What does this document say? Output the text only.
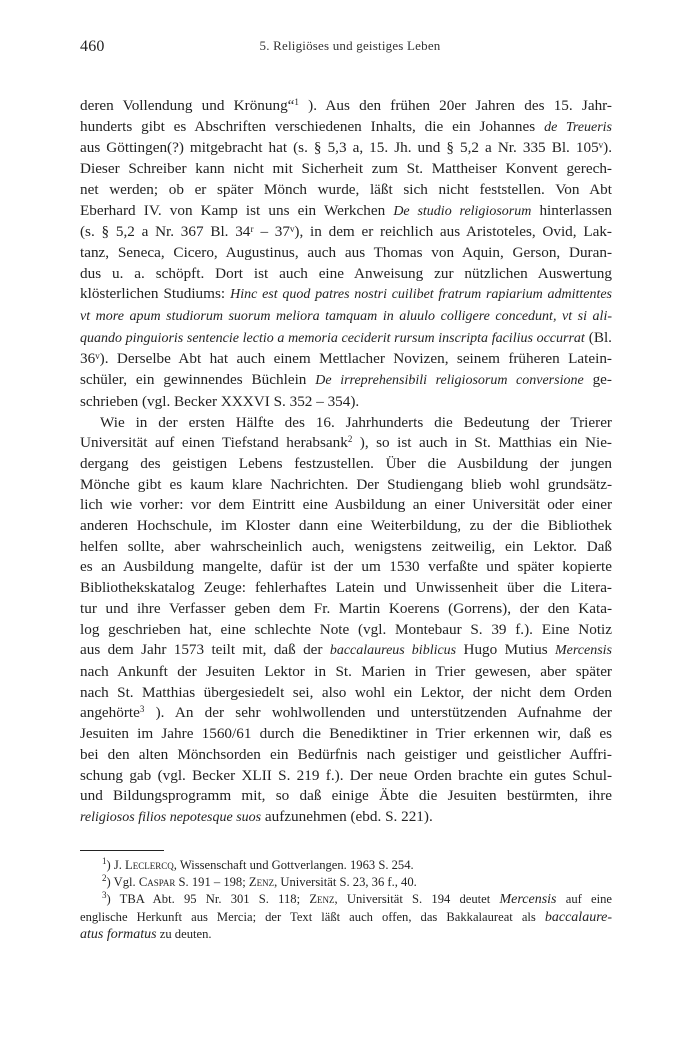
460	5. Religiöses und geistiges Leben
deren Vollendung und Krönung“$^1$ ). Aus den frühen 20er Jahren des 15. Jahr-
hunderts gibt es Abschriften verschiedenen Inhalts, die ein Johannes de Treueris
aus Göttingen(?) mitgebracht hat (s. § 5,3 a, 15. Jh. und § 5,2 a Nr. 335 Bl. 105ᵛ).
Dieser Schreiber kann nicht mit Sicherheit zum St. Mattheiser Konvent gerech-
net werden; ob er später Mönch wurde, läßt sich nicht feststellen. Von Abt
Eberhard IV. von Kamp ist uns ein Werkchen De studio religiosorum hinterlassen
(s. § 5,2 a Nr. 367 Bl. 34ʳ – 37ᵛ), in dem er reichlich aus Aristoteles, Ovid, Lak-
tanz, Seneca, Cicero, Augustinus, auch aus Thomas von Aquin, Gerson, Duran-
dus u. a. schöpft. Dort ist auch eine Anweisung zur nützlichen Auswertung
klösterlichen Studiums: Hinc est quod patres nostri cuilibet fratrum rapiarium admittentes
vt more apum studiorum suorum meliora tamquam in aluulo colligere concedunt, vt si ali-
quando pinguioris sentencie lectio a memoria ceciderit rursum inscripta facilius occurrat (Bl.
36ᵛ). Derselbe Abt hat auch einem Mettlacher Novizen, seinem früheren Latein-
schüler, ein gewinnendes Büchlein De irreprehensibili religiosorum conversione ge-
schrieben (vgl. Becker XXXVI S. 352 – 354).
Wie in der ersten Hälfte des 16. Jahrhunderts die Bedeutung der Trierer
Universität auf einen Tiefstand herabsank$^2$ ), so ist auch in St. Matthias ein Nie-
dergang des geistigen Lebens festzustellen. Über die Ausbildung der jungen
Mönche gibt es kaum klare Nachrichten. Der Studiengang blieb wohl grundsätz-
lich wie vorher: vor dem Eintritt eine Ausbildung an einer Universität oder einer
anderen Hochschule, im Kloster dann eine Weiterbildung, zu der die Bibliothek
helfen sollte, aber wahrscheinlich auch, wenigstens zeitweilig, ein Lektor. Daß
es an Ausbildung mangelte, dafür ist der um 1530 verfaßte und später kopierte
Bibliothekskatalog Zeuge: fehlerhaftes Latein und Unwissenheit über die Litera-
tur und ihre Verfasser geben dem Fr. Martin Koerens (Gorrens), der den Kata-
log geschrieben hat, eine schlechte Note (vgl. Montebaur S. 39 f.). Eine Notiz
aus dem Jahr 1573 teilt mit, daß der baccalaureus biblicus Hugo Mutius Mercensis
nach Ankunft der Jesuiten Lektor in St. Marien in Trier gewesen, aber später
nach St. Matthias übergesiedelt sei, also wohl ein Lektor, der nicht dem Orden
angehörte$^3$ ). An der sehr wohlwollenden und unterstützenden Aufnahme der
Jesuiten im Jahre 1560/61 durch die Benediktiner in Trier erkennen wir, daß es
bei den alten Mönchsorden ein Bedürfnis nach geistiger und geistlicher Auffri-
schung gab (vgl. Becker XLII S. 219 f.). Der neue Orden brachte ein gutes Schul-
und Bildungsprogramm mit, so daß einige Äbte die Jesuiten bestürmten, ihre
religiosos filios nepotesque suos aufzunehmen (ebd. S. 221).
$^1$) J. Leclercq, Wissenschaft und Gottverlangen. 1963 S. 254.
$^2$) Vgl. Caspar S. 191 – 198; Zenz, Universität S. 23, 36 f., 40.
$^3$) TBA Abt. 95 Nr. 301 S. 118; Zenz, Universität S. 194 deutet Mercensis auf eine
englische Herkunft aus Mercia; der Text läßt auch offen, das Bakkalaureat als baccalaure-
atus formatus zu deuten.
